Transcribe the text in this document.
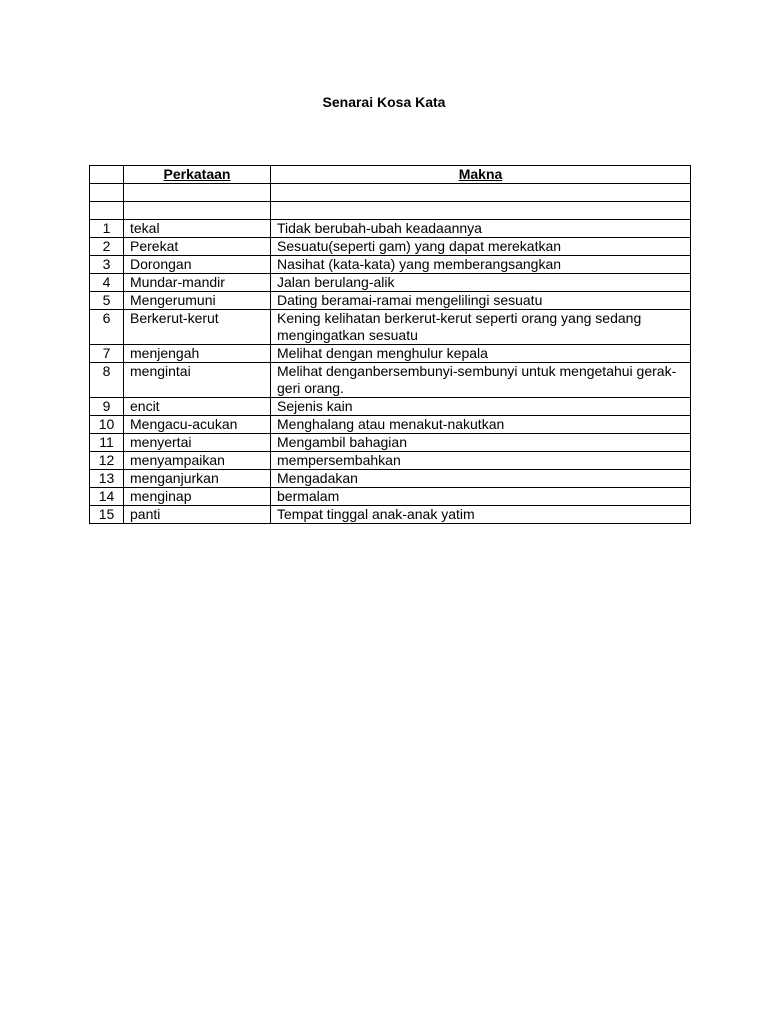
Senarai Kosa Kata
	Perkataan	Makna

1	tekal	Tidak berubah-ubah keadaannya
2	Perekat	Sesuatu(seperti gam) yang dapat merekatkan
3	Dorongan	Nasihat (kata-kata) yang memberangsangkan
4	Mundar-mandir	Jalan berulang-alik
5	Mengerumuni	Dating beramai-ramai mengelilingi sesuatu
6	Berkerut-kerut	Kening kelihatan berkerut-kerut seperti orang yang sedang mengingatkan sesuatu
7	menjengah	Melihat dengan menghulur kepala
8	mengintai	Melihat denganbersembunyi-sembunyi untuk mengetahui gerak-geri orang.
9	encit	Sejenis kain
10	Mengacu-acukan	Menghalang atau menakut-nakutkan
11	menyertai	Mengambil bahagian
12	menyampaikan	mempersembahkan
13	menganjurkan	Mengadakan
14	menginap	bermalam
15	panti	Tempat tinggal anak-anak yatim
